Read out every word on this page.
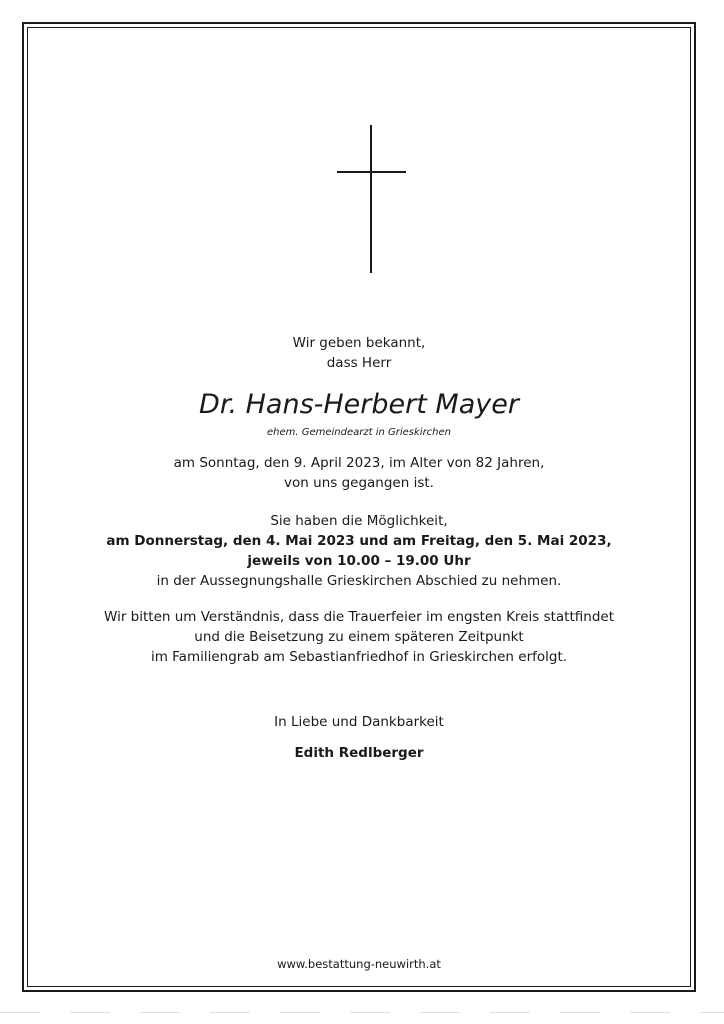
Wir geben bekannt,
dass Herr
Dr. Hans-Herbert Mayer
ehem. Gemeindearzt in Grieskirchen
am Sonntag, den 9. April 2023, im Alter von 82 Jahren,
von uns gegangen ist.
Sie haben die Möglichkeit,
am Donnerstag, den 4. Mai 2023 und am Freitag, den 5. Mai 2023,
jeweils von 10.00 – 19.00 Uhr
in der Aussegnungshalle Grieskirchen Abschied zu nehmen.
Wir bitten um Verständnis, dass die Trauerfeier im engsten Kreis stattfindet
und die Beisetzung zu einem späteren Zeitpunkt
im Familiengrab am Sebastianfriedhof in Grieskirchen erfolgt.
In Liebe und Dankbarkeit
Edith Redlberger
www.bestattung-neuwirth.at
